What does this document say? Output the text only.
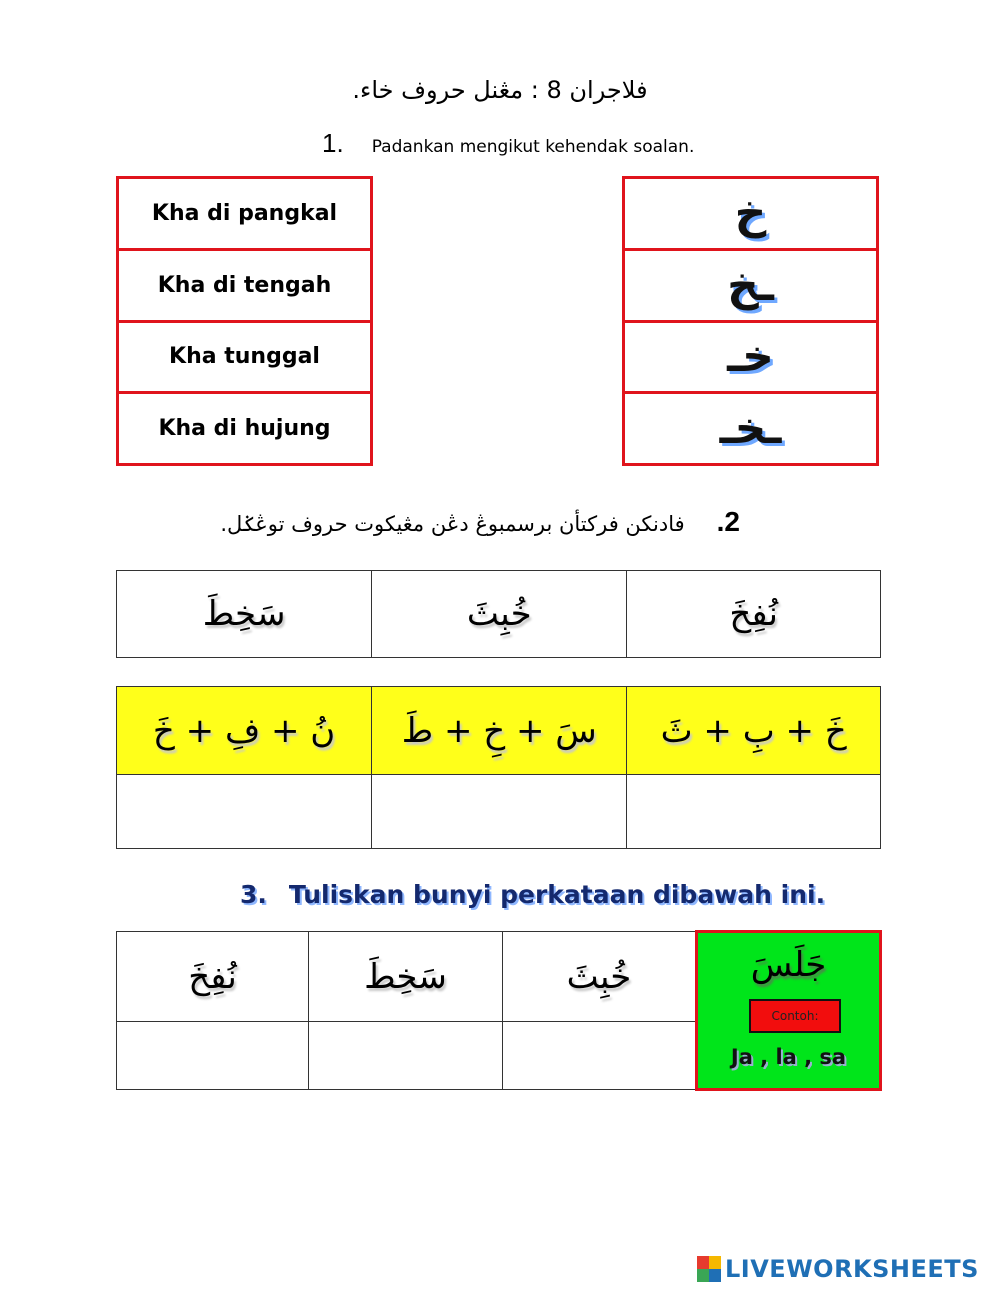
فلاجران 8 : مڠنل حروف خاء.
1. Padankan mengikut kehendak soalan.
Kha di pangkal
Kha di tengah
Kha tunggal
Kha di hujung
خ
ـخ
خـ
ـخـ
2.فادنكن فركتأن برسمبوڠ دڠن مڠيكوت حروف توڠݢل.
سَخِطَ	خُبِثَ	نُفِخَ
نُ + فِ + خَ	سَ + خِ + طَ	خَ + بِ + ثَ

3. Tuliskan bunyi perkataan dibawah ini.
نُفِخَ	سَخِطَ	خُبِثَ	جَلَسَ
Contoh:
Ja , la , sa

LIVEWORKSHEETS
